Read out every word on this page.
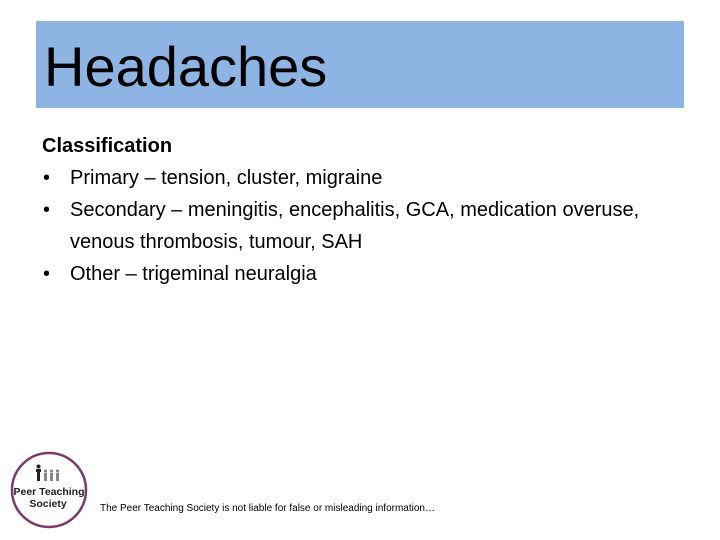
Headaches

Classification

• Primary – tension, cluster, migraine
• Secondary – meningitis, encephalitis, GCA, medication overuse, venous thrombosis, tumour, SAH
• Other – trigeminal neuralgia
Peer Teaching
Society	The Peer Teaching Society is not liable for false or misleading information…
